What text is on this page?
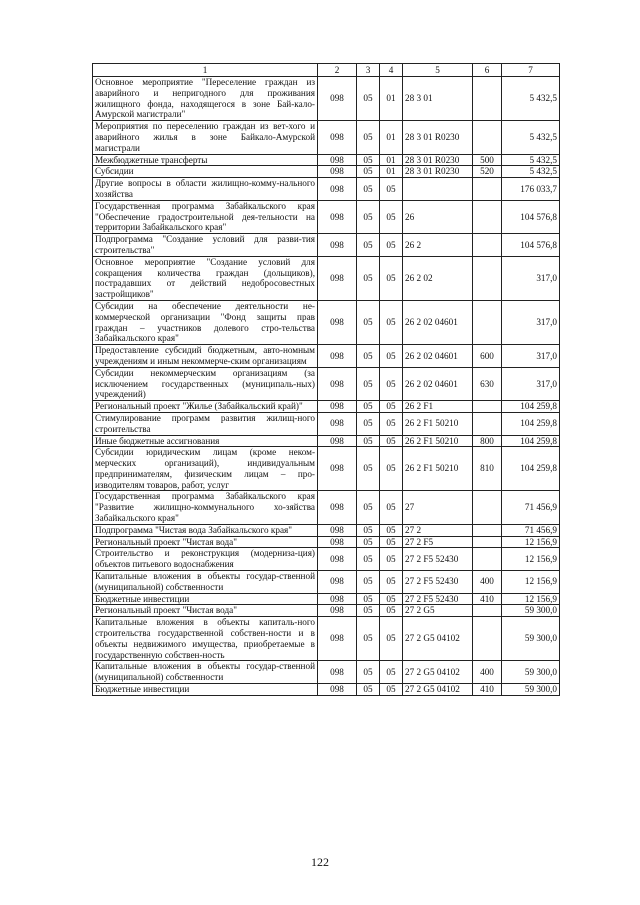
1	2	3	4	5	6	7
Основное мероприятие "Переселение граждан из аварийного и непригодного для проживания жилищного фонда, находящегося в зоне Бай-кало-Амурской магистрали"	098	05	01	28 3 01		5 432,5
Мероприятия по переселению граждан из вет-хого и аварийного жилья в зоне Байкало-Амурской магистрали	098	05	01	28 3 01 R0230		5 432,5
Межбюджетные трансферты	098	05	01	28 3 01 R0230	500	5 432,5
Субсидии	098	05	01	28 3 01 R0230	520	5 432,5
Другие вопросы в области жилищно-комму-нального хозяйства	098	05	05			176 033,7
Государственная программа Забайкальского края "Обеспечение градостроительной дея-тельности на территории Забайкальского края"	098	05	05	26		104 576,8
Подпрограмма "Создание условий для разви-тия строительства"	098	05	05	26 2		104 576,8
Основное мероприятие "Создание условий для сокращения количества граждан (дольщиков), пострадавших от действий недобросовестных застройщиков"	098	05	05	26 2 02		317,0
Субсидии на обеспечение деятельности не-коммерческой организации "Фонд защиты прав граждан – участников долевого стро-тельства Забайкальского края"	098	05	05	26 2 02 04601		317,0
Предоставление субсидий бюджетным, авто-номным учреждениям и иным некоммерче-ским организациям	098	05	05	26 2 02 04601	600	317,0
Субсидии некоммерческим организациям (за исключением государственных (муниципаль-ных) учреждений)	098	05	05	26 2 02 04601	630	317,0
Региональный проект "Жилье (Забайкальский край)"	098	05	05	26 2 F1		104 259,8
Стимулирование программ развития жилищ-ного строительства	098	05	05	26 2 F1 50210		104 259,8
Иные бюджетные ассигнования	098	05	05	26 2 F1 50210	800	104 259,8
Субсидии юридическим лицам (кроме неком-мерческих организаций), индивидуальным предпринимателям, физическим лицам – про-изводителям товаров, работ, услуг	098	05	05	26 2 F1 50210	810	104 259,8
Государственная программа Забайкальского края "Развитие жилищно-коммунального хо-зяйства Забайкальского края"	098	05	05	27		71 456,9
Подпрограмма "Чистая вода Забайкальского края"	098	05	05	27 2		71 456,9
Региональный проект "Чистая вода"	098	05	05	27 2 F5		12 156,9
Строительство и реконструкция (модерниза-ция) объектов питьевого водоснабжения	098	05	05	27 2 F5 52430		12 156,9
Капитальные вложения в объекты государ-ственной (муниципальной) собственности	098	05	05	27 2 F5 52430	400	12 156,9
Бюджетные инвестиции	098	05	05	27 2 F5 52430	410	12 156,9
Региональный проект "Чистая вода"	098	05	05	27 2 G5		59 300,0
Капитальные вложения в объекты капиталь-ного строительства государственной собствен-ности и в объекты недвижимого имущества, приобретаемые в государственную собствен-ность	098	05	05	27 2 G5 04102		59 300,0
Капитальные вложения в объекты государ-ственной (муниципальной) собственности	098	05	05	27 2 G5 04102	400	59 300,0
Бюджетные инвестиции	098	05	05	27 2 G5 04102	410	59 300,0
122
